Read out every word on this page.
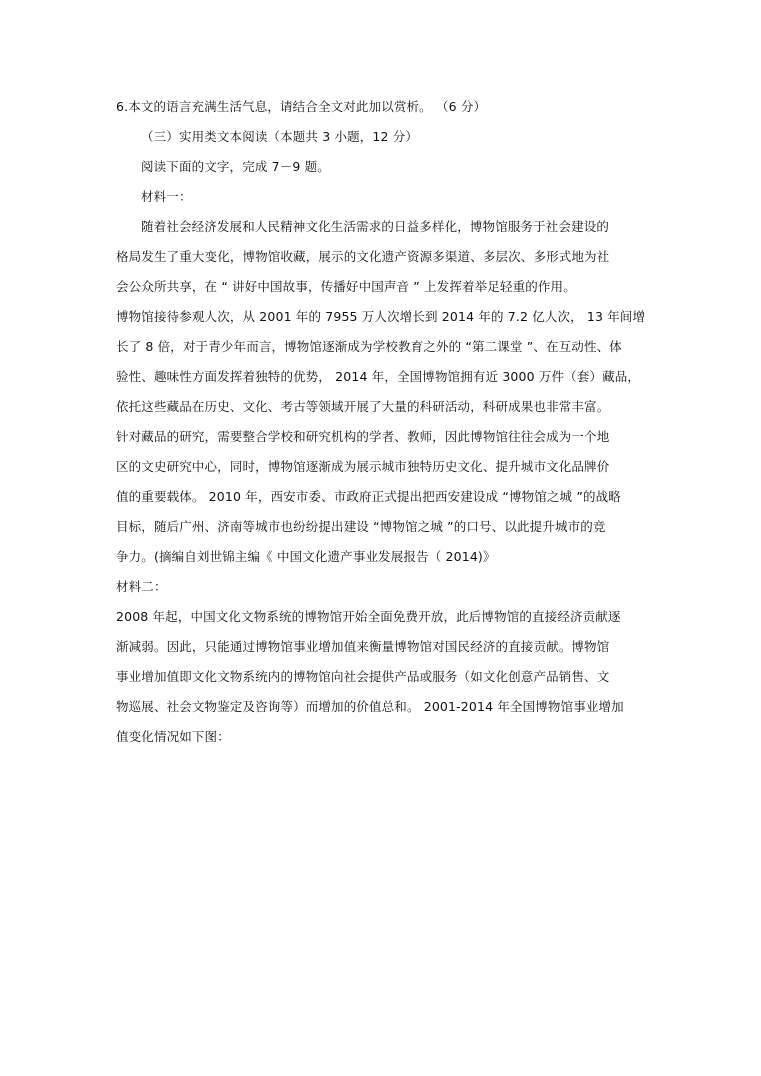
6.本文的语言充满生活气息，请结合全文对此加以赏析。 （6 分）
（三）实用类文本阅读（本题共 3 小题，12 分）
阅读下面的文字，完成 7－9 题。
材料一：
随着社会经济发展和人民精神文化生活需求的日益多样化，博物馆服务于社会建设的
格局发生了重大变化，博物馆收藏，展示的文化遗产资源多渠道、多层次、多形式地为社
会公众所共享，在 “ 讲好中国故事，传播好中国声音 ” 上发挥着举足轻重的作用。
博物馆接待参观人次，从 2001 年的 7955 万人次增长到 2014 年的 7.2 亿人次， 13 年间增
长了 8 倍，对于青少年而言，博物馆逐渐成为学校教育之外的 “第二课堂 ”、在互动性、体
验性、趣味性方面发挥着独特的优势， 2014 年，全国博物馆拥有近 3000 万件（套）藏品，
依托这些藏品在历史、文化、考古等领域开展了大量的科研活动，科研成果也非常丰富。
针对藏品的研究，需要整合学校和研究机构的学者、教师，因此博物馆往往会成为一个地
区的文史研究中心，同时，博物馆逐渐成为展示城市独特历史文化、提升城市文化品牌价
值的重要载体。 2010 年，西安市委、市政府正式提出把西安建设成 “博物馆之城 ”的战略
目标，随后广州、济南等城市也纷纷提出建设 “博物馆之城 ”的口号、以此提升城市的竞
争力。(摘编自刘世锦主编《 中国文化遗产事业发展报告（ 2014)》
材料二：
2008 年起，中国文化文物系统的博物馆开始全面免费开放，此后博物馆的直接经济贡献逐
渐减弱。因此，只能通过博物馆事业增加值来衡量博物馆对国民经济的直接贡献。博物馆
事业增加值即文化文物系统内的博物馆向社会提供产品或服务（如文化创意产品销售、文
物巡展、社会文物鉴定及咨询等）而增加的价值总和。 2001-2014 年全国博物馆事业增加
值变化情况如下图：
